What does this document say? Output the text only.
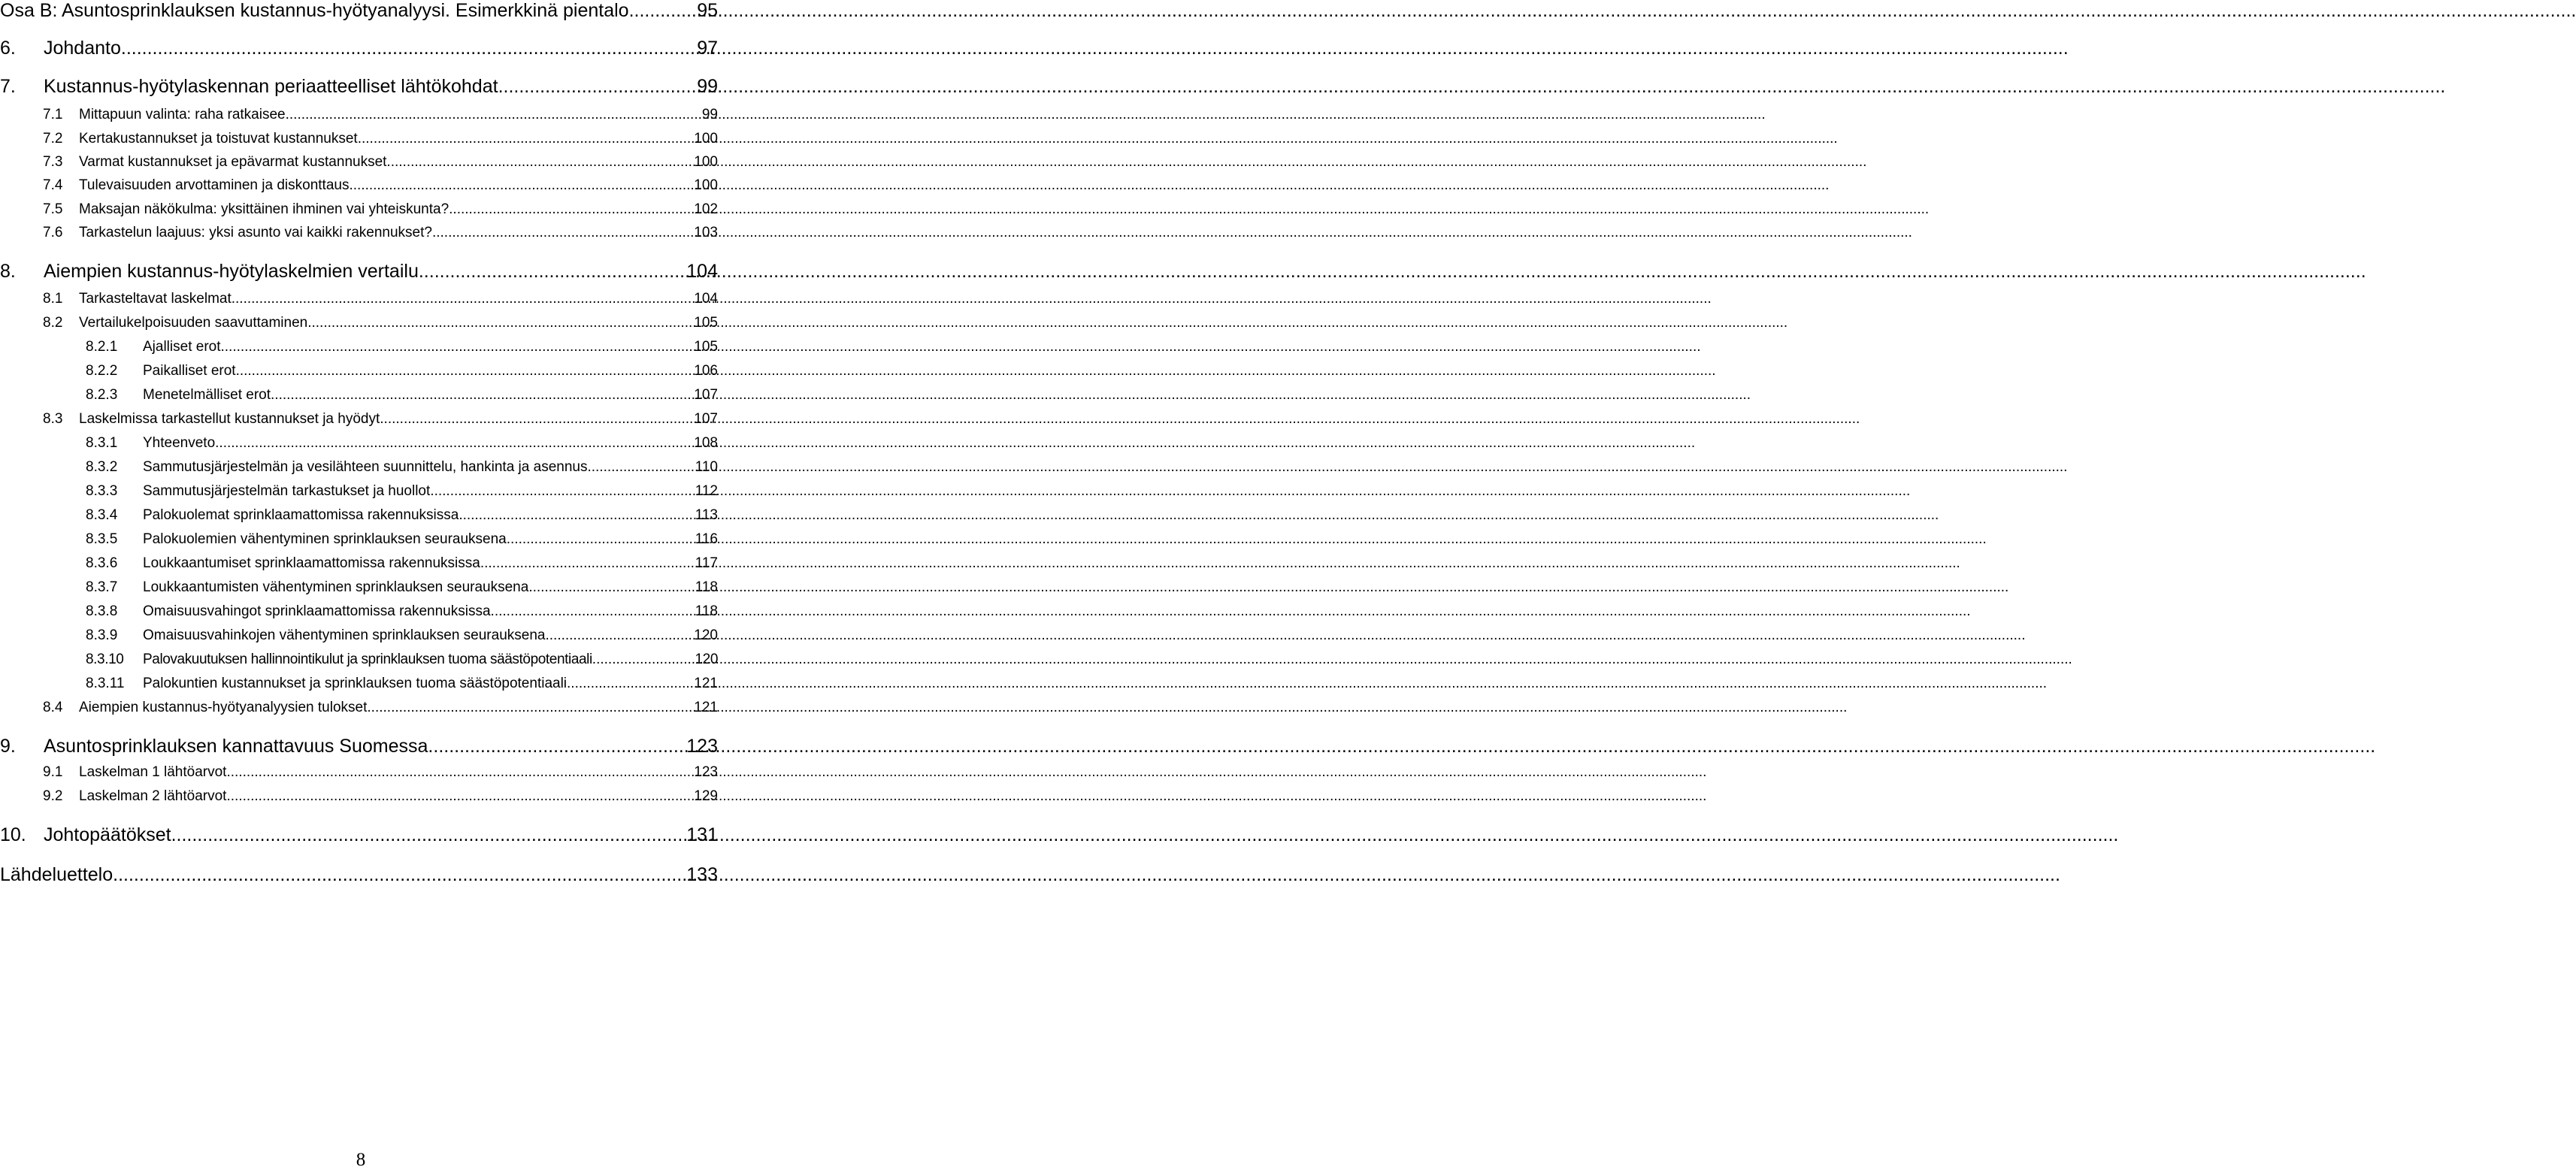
Osa B: Asuntosprinklauksen kustannus-hyötyanalyysi. Esimerkkinä pientalo .....	95
6.	Johdanto .....	97
7.	Kustannus-hyötylaskennan periaatteelliset lähtökohdat .....	99
7.1	Mittapuun valinta: raha ratkaisee .....	99
7.2	Kertakustannukset ja toistuvat kustannukset .....	100
7.3	Varmat kustannukset ja epävarmat kustannukset .....	100
7.4	Tulevaisuuden arvottaminen ja diskonttaus .....	100
7.5	Maksajan näkökulma: yksittäinen ihminen vai yhteiskunta? .....	102
7.6	Tarkastelun laajuus: yksi asunto vai kaikki rakennukset? .....	103
8.	Aiempien kustannus-hyötylaskelmien vertailu .....	104
8.1	Tarkasteltavat laskelmat .....	104
8.2	Vertailukelpoisuuden saavuttaminen .....	105
8.2.1	Ajalliset erot .....	105
8.2.2	Paikalliset erot .....	106
8.2.3	Menetelmälliset erot .....	107
8.3	Laskelmissa tarkastellut kustannukset ja hyödyt .....	107
8.3.1	Yhteenveto .....	108
8.3.2	Sammutusjärjestelmän ja vesilähteen suunnittelu, hankinta ja asennus .....	110
8.3.3	Sammutusjärjestelmän tarkastukset ja huollot .....	112
8.3.4	Palokuolemat sprinklaamattomissa rakennuksissa .....	113
8.3.5	Palokuolemien vähentyminen sprinklauksen seurauksena .....	116
8.3.6	Loukkaantumiset sprinklaamattomissa rakennuksissa .....	117
8.3.7	Loukkaantumisten vähentyminen sprinklauksen seurauksena .....	118
8.3.8	Omaisuusvahingot sprinklaamattomissa rakennuksissa .....	118
8.3.9	Omaisuusvahinkojen vähentyminen sprinklauksen seurauksena .....	120
8.3.10	Palovakuutuksen hallinnointikulut ja sprinklauksen tuoma säästöpotentiaali .....	120
8.3.11	Palokuntien kustannukset ja sprinklauksen tuoma säästöpotentiaali .....	121
8.4	Aiempien kustannus-hyötyanalyysien tulokset .....	121
9.	Asuntosprinklauksen kannattavuus Suomessa .....	123
9.1	Laskelman 1 lähtöarvot .....	123
9.2	Laskelman 2 lähtöarvot .....	129
10. Johtopäätökset .....	131
Lähdeluettelo .....	133
8
